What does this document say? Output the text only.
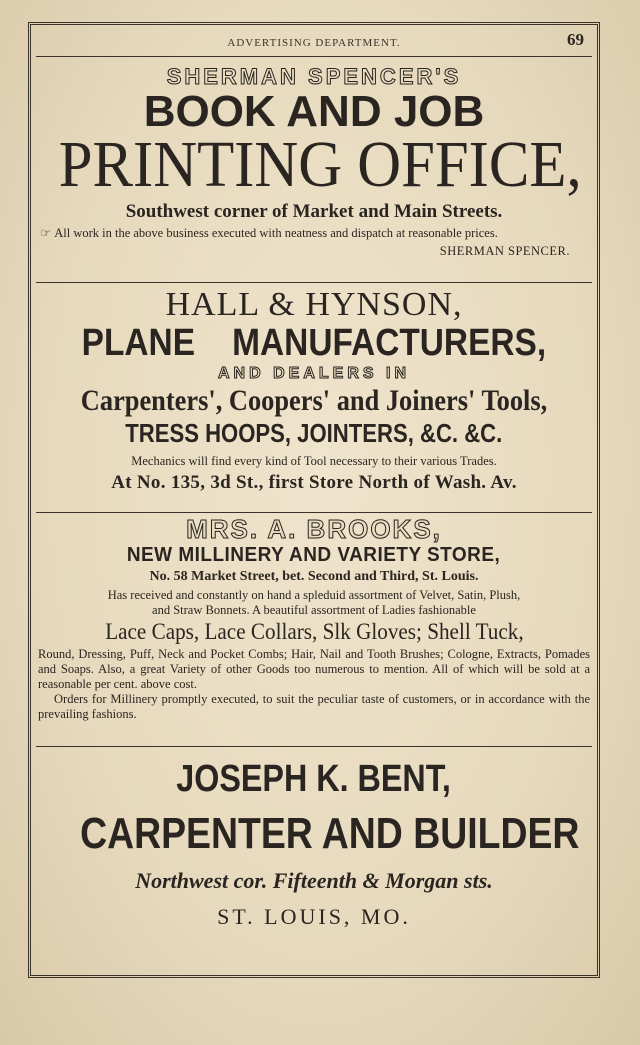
ADVERTISING DEPARTMENT.	69
SHERMAN SPENCER'S
BOOK AND JOB
PRINTING OFFICE,
Southwest corner of Market and Main Streets.
☞ All work in the above business executed with neatness and dispatch at reasonable prices.
SHERMAN SPENCER.
HALL & HYNSON,
PLANE    MANUFACTURERS,
AND DEALERS IN
Carpenters', Coopers' and Joiners' Tools,
TRESS HOOPS, JOINTERS, &C. &C.
Mechanics will find every kind of Tool necessary to their various Trades.
At No. 135, 3d St., first Store North of Wash. Av.
MRS. A. BROOKS,
NEW MILLINERY AND VARIETY STORE,
No. 58 Market Street, bet. Second and Third, St. Louis.
Has received and constantly on hand a spleduid assortment of Velvet, Satin, Plush,
and Straw Bonnets. A beautiful assortment of Ladies fashionable
Lace Caps, Lace Collars, Slk Gloves; Shell Tuck,
Round, Dressing, Puff, Neck and Pocket Combs; Hair, Nail and Tooth Brushes; Cologne, Extracts, Pomades and Soaps. Also, a great Variety of other Goods too numerous to mention. All of which will be sold at a reasonable per cent. above cost.
Orders for Millinery promptly executed, to suit the peculiar taste of customers, or in accordance with the prevailing fashions.
JOSEPH K. BENT,
CARPENTER AND BUILDER
Northwest cor. Fifteenth & Morgan sts.
ST. LOUIS, MO.
